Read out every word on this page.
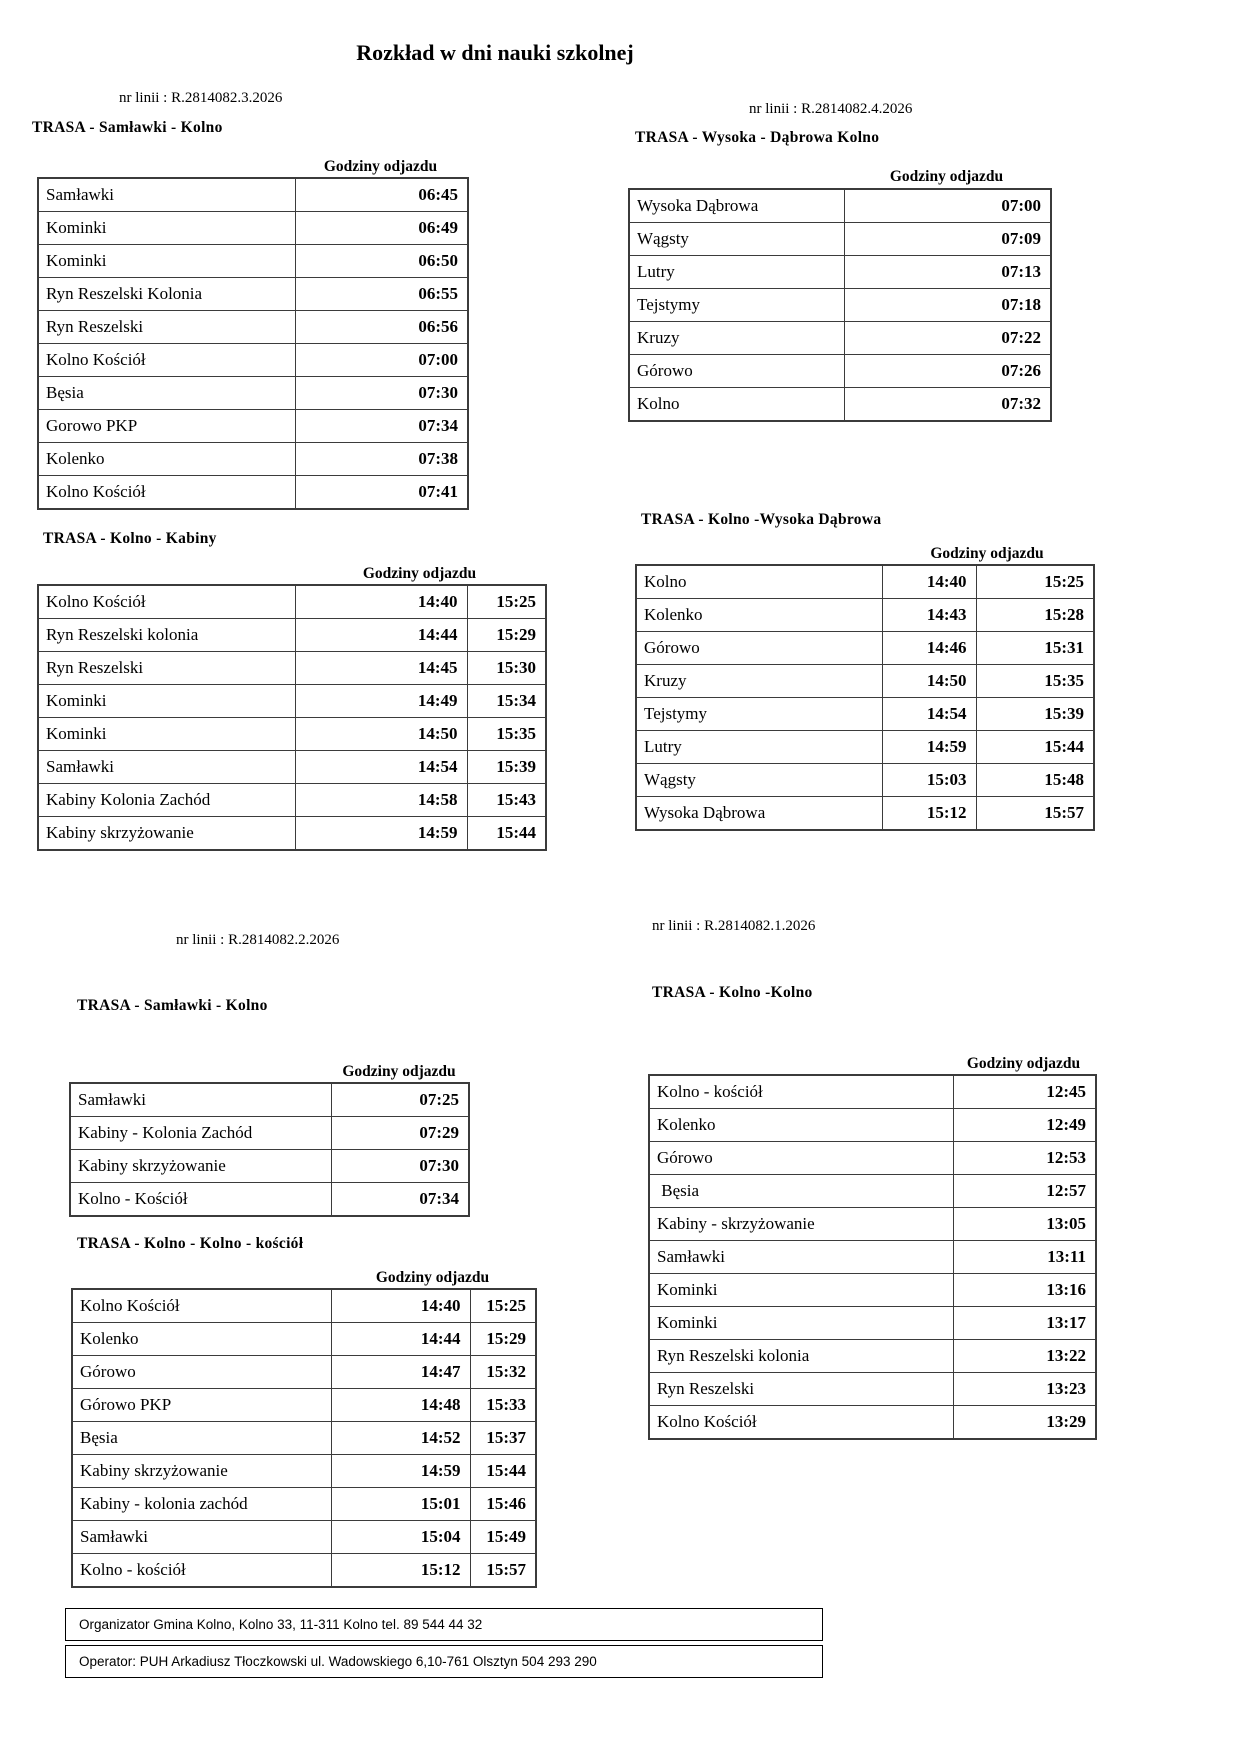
Rozkład w dni nauki szkolnej
nr linii : R.2814082.3.2026
TRASA - Samławki - Kolno
Godziny odjazdu
Samławki	06:45
Kominki	06:49
Kominki	06:50
Ryn Reszelski Kolonia	06:55
Ryn Reszelski	06:56
Kolno Kościół	07:00
Bęsia	07:30
Gorowo PKP	07:34
Kolenko	07:38
Kolno Kościół	07:41
TRASA - Kolno - Kabiny
Godziny odjazdu
Kolno Kościół	14:40	15:25
Ryn Reszelski kolonia	14:44	15:29
Ryn Reszelski	14:45	15:30
Kominki	14:49	15:34
Kominki	14:50	15:35
Samławki	14:54	15:39
Kabiny Kolonia Zachód	14:58	15:43
Kabiny skrzyżowanie	14:59	15:44
nr linii : R.2814082.2.2026
TRASA - Samławki - Kolno
Godziny odjazdu
Samławki	07:25
Kabiny - Kolonia Zachód	07:29
Kabiny skrzyżowanie	07:30
Kolno - Kościół	07:34
TRASA - Kolno - Kolno - kościół
Godziny odjazdu
Kolno Kościół	14:40	15:25
Kolenko	14:44	15:29
Górowo	14:47	15:32
Górowo PKP	14:48	15:33
Bęsia	14:52	15:37
Kabiny skrzyżowanie	14:59	15:44
Kabiny - kolonia zachód	15:01	15:46
Samławki	15:04	15:49
Kolno - kościół	15:12	15:57
nr linii : R.2814082.4.2026
TRASA - Wysoka - Dąbrowa Kolno
Godziny odjazdu
Wysoka Dąbrowa	07:00
Wągsty	07:09
Lutry	07:13
Tejstymy	07:18
Kruzy	07:22
Górowo	07:26
Kolno	07:32
TRASA - Kolno -Wysoka Dąbrowa
Godziny odjazdu
Kolno	14:40	15:25
Kolenko	14:43	15:28
Górowo	14:46	15:31
Kruzy	14:50	15:35
Tejstymy	14:54	15:39
Lutry	14:59	15:44
Wągsty	15:03	15:48
Wysoka Dąbrowa	15:12	15:57
nr linii : R.2814082.1.2026
TRASA - Kolno -Kolno
Godziny odjazdu
Kolno - kościół	12:45
Kolenko	12:49
Górowo	12:53
Bęsia	12:57
Kabiny - skrzyżowanie	13:05
Samławki	13:11
Kominki	13:16
Kominki	13:17
Ryn Reszelski kolonia	13:22
Ryn Reszelski	13:23
Kolno Kościół	13:29
Organizator Gmina Kolno, Kolno 33, 11-311 Kolno tel. 89 544 44 32
Operator: PUH Arkadiusz Tłoczkowski ul. Wadowskiego 6,10-761 Olsztyn 504 293 290
